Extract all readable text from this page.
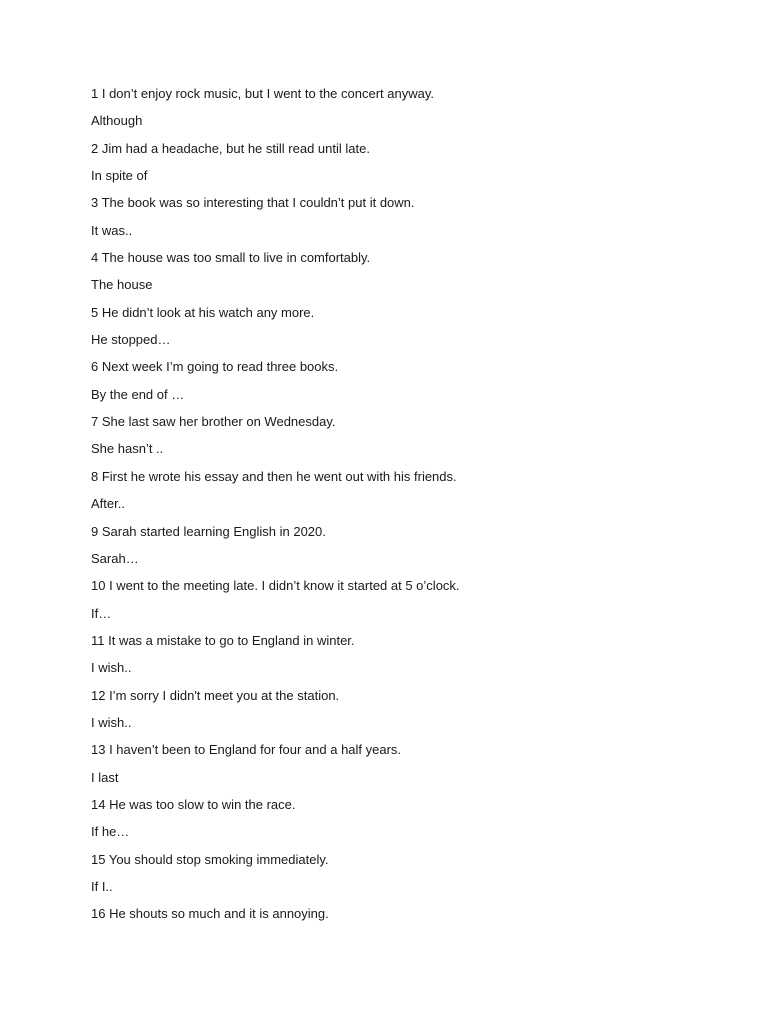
1 I don’t enjoy rock music, but I went to the concert anyway.
Although
2 Jim had a headache, but he still read until late.
In spite of
3 The book was so interesting that I couldn’t put it down.
It was..
4 The house was too small to live in comfortably.
The house
5 He didn’t look at his watch any more.
He stopped…
6 Next week I’m going to read three books.
By the end of …
7 She last saw her brother on Wednesday.
She hasn’t ..
8 First he wrote his essay and then he went out with his friends.
After..
9 Sarah started learning English in 2020.
Sarah…
10 I went to the meeting late. I didn’t know it started at 5 o’clock.
If…
11 It was a mistake to go to England in winter.
I wish..
12 I’m sorry I didn't meet you at the station.
I wish..
13 I haven’t been to England for four and a half years.
I last
14 He was too slow to win the race.
If he…
15 You should stop smoking immediately.
If I..
16 He shouts so much and it is annoying.
